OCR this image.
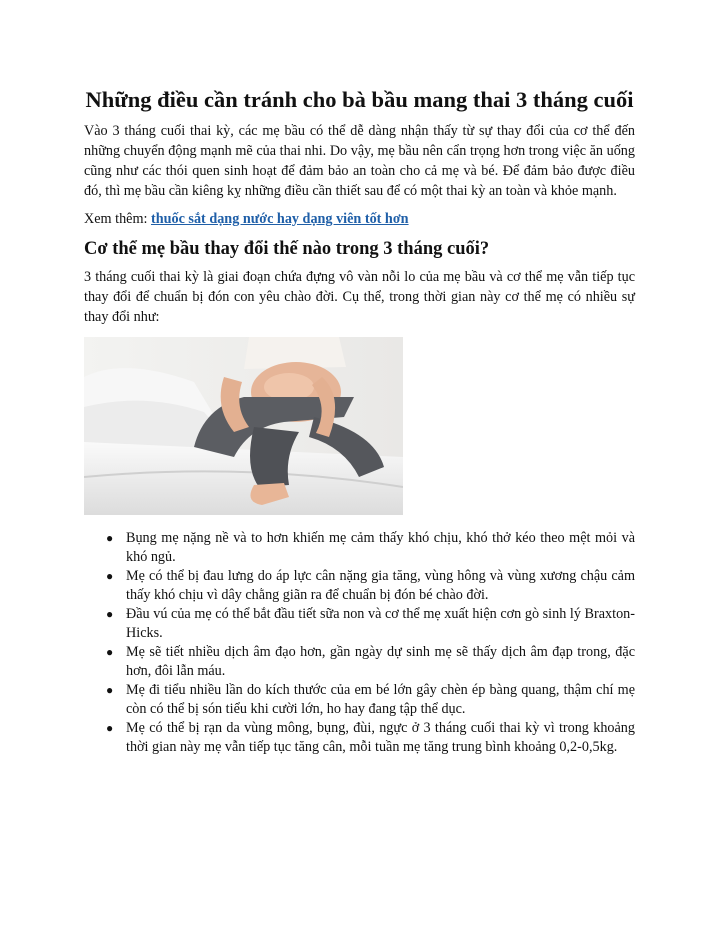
Những điều cần tránh cho bà bầu mang thai 3 tháng cuối

Vào 3 tháng cuối thai kỳ, các mẹ bầu có thể dễ dàng nhận thấy từ sự thay đổi của cơ thể đến những chuyển động mạnh mẽ của thai nhi. Do vậy, mẹ bầu nên cẩn trọng hơn trong việc ăn uống cũng như các thói quen sinh hoạt để đảm bảo an toàn cho cả mẹ và bé. Để đảm bảo được điều đó, thì mẹ bầu cần kiêng kỵ những điều cần thiết sau để có một thai kỳ an toàn và khỏe mạnh.

Xem thêm: thuốc sắt dạng nước hay dạng viên tốt hơn

Cơ thể mẹ bầu thay đổi thế nào trong 3 tháng cuối?

3 tháng cuối thai kỳ là giai đoạn chứa đựng vô vàn nỗi lo của mẹ bầu và cơ thể mẹ vẫn tiếp tục thay đổi để chuẩn bị đón con yêu chào đời. Cụ thể, trong thời gian này cơ thể mẹ có nhiều sự thay đổi như:

● Bụng mẹ nặng nề và to hơn khiến mẹ cảm thấy khó chịu, khó thở kéo theo mệt mỏi và khó ngủ.
● Mẹ có thể bị đau lưng do áp lực cân nặng gia tăng, vùng hông và vùng xương chậu cảm thấy khó chịu vì dây chằng giãn ra để chuẩn bị đón bé chào đời.
● Đầu vú của mẹ có thể bắt đầu tiết sữa non và cơ thể mẹ xuất hiện cơn gò sinh lý Braxton-Hicks.
● Mẹ sẽ tiết nhiều dịch âm đạo hơn, gần ngày dự sinh mẹ sẽ thấy dịch âm đạp trong, đặc hơn, đôi lẫn máu.
● Mẹ đi tiểu nhiều lần do kích thước của em bé lớn gây chèn ép bàng quang, thậm chí mẹ còn có thể bị són tiểu khi cười lớn, ho hay đang tập thể dục.
● Mẹ có thể bị rạn da vùng mông, bụng, đùi, ngực ở 3 tháng cuối thai kỳ vì trong khoảng thời gian này mẹ vẫn tiếp tục tăng cân, mỗi tuần mẹ tăng trung bình khoảng 0,2-0,5kg.
